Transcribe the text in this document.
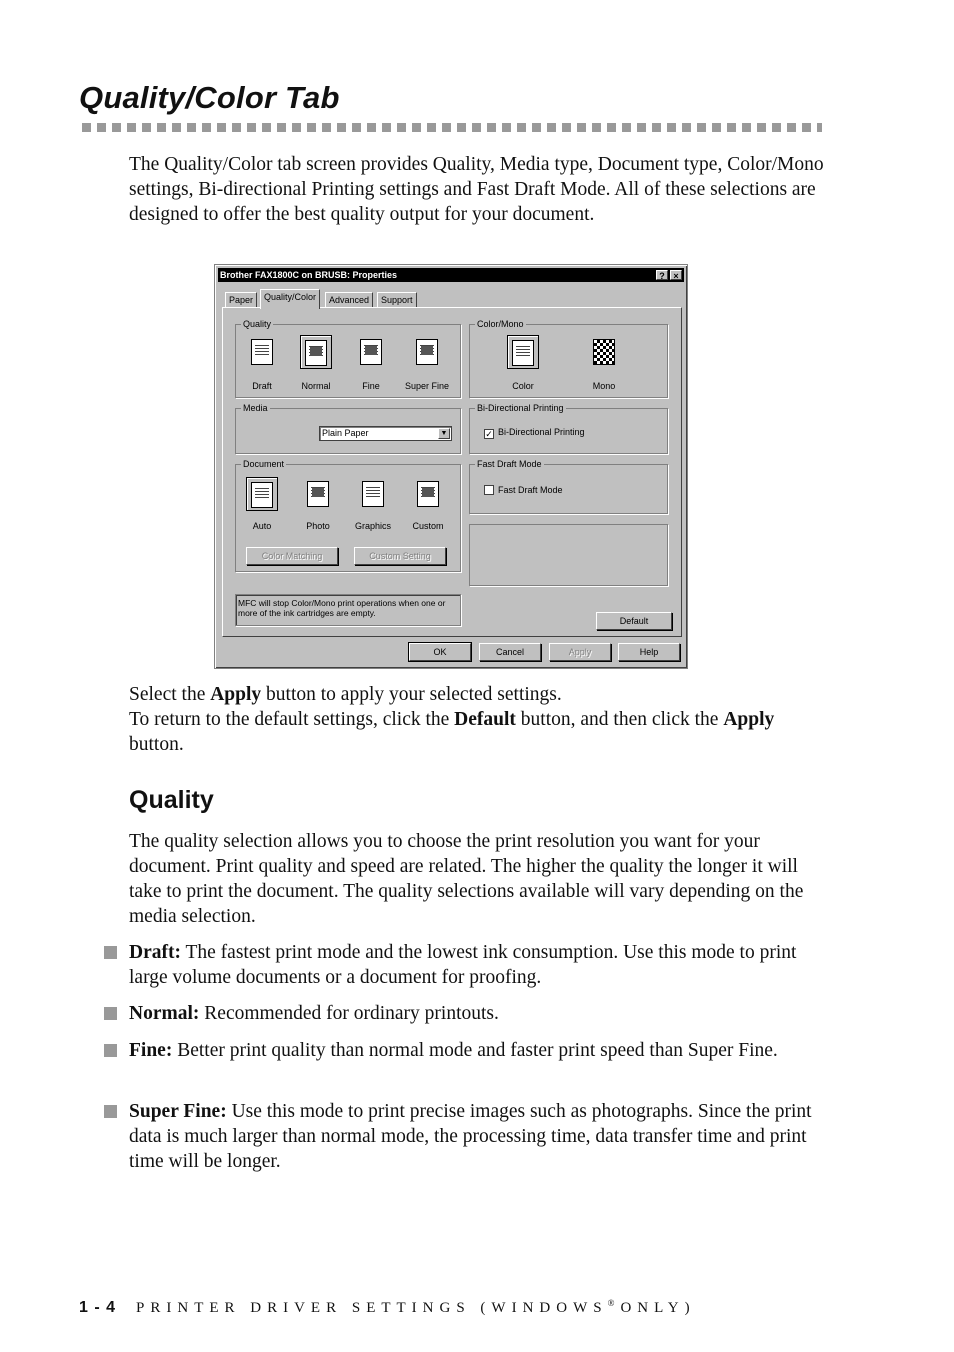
Quality/Color Tab

The Quality/Color tab screen provides Quality, Media type, Document type, Color/Mono settings, Bi-directional Printing settings and Fast Draft Mode. All of these selections are designed to offer the best quality output for your document.

Brother FAX1800C on BRUSB: Properties	? ×
Paper	Quality/Color	Advanced	Support
Quality
Draft	Normal	Fine	Super Fine
Color/Mono
Color	Mono
Media
Plain Paper	▼
Bi-Directional Printing
✓ Bi-Directional Printing
Document
Auto	Photo	Graphics	Custom
Color Matching	Custom Setting
Fast Draft Mode
Fast Draft Mode
MFC will stop Color/Mono print operations when one or more of the ink cartridges are empty.
Default
OK	Cancel	Apply	Help

Select the Apply button to apply your selected settings.
To return to the default settings, click the Default button, and then click the Apply button.

Quality

The quality selection allows you to choose the print resolution you want for your document. Print quality and speed are related. The higher the quality the longer it will take to print the document. The quality selections available will vary depending on the media selection.

Draft: The fastest print mode and the lowest ink consumption. Use this mode to print large volume documents or a document for proofing.
Normal: Recommended for ordinary printouts.
Fine: Better print quality than normal mode and faster print speed than Super Fine.
Super Fine: Use this mode to print precise images such as photographs. Since the print data is much larger than normal mode, the processing time, data transfer time and print time will be longer.
1 - 4 PRINTER DRIVER SETTINGS (WINDOWS® ONLY)
